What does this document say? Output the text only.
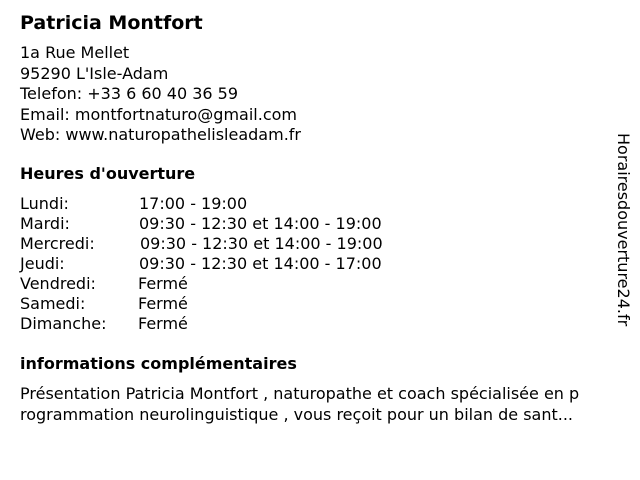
Patricia Montfort
1a Rue Mellet
95290 L'Isle-Adam
Telefon: +33 6 60 40 36 59
Email: montfortnaturo@gmail.com
Web: www.naturopathelisleadam.fr
Heures d'ouverture
Lundi:	17:00 - 19:00
Mardi:	09:30 - 12:30 et 14:00 - 19:00
Mercredi:	09:30 - 12:30 et 14:00 - 19:00
Jeudi:	09:30 - 12:30 et 14:00 - 17:00
Vendredi:	Fermé
Samedi:	Fermé
Dimanche: Fermé
informations complémentaires
Présentation Patricia Montfort , naturopathe et coach spécialisée en p
rogrammation neurolinguistique , vous reçoit pour un bilan de sant...
Horairesdouverture24.fr
